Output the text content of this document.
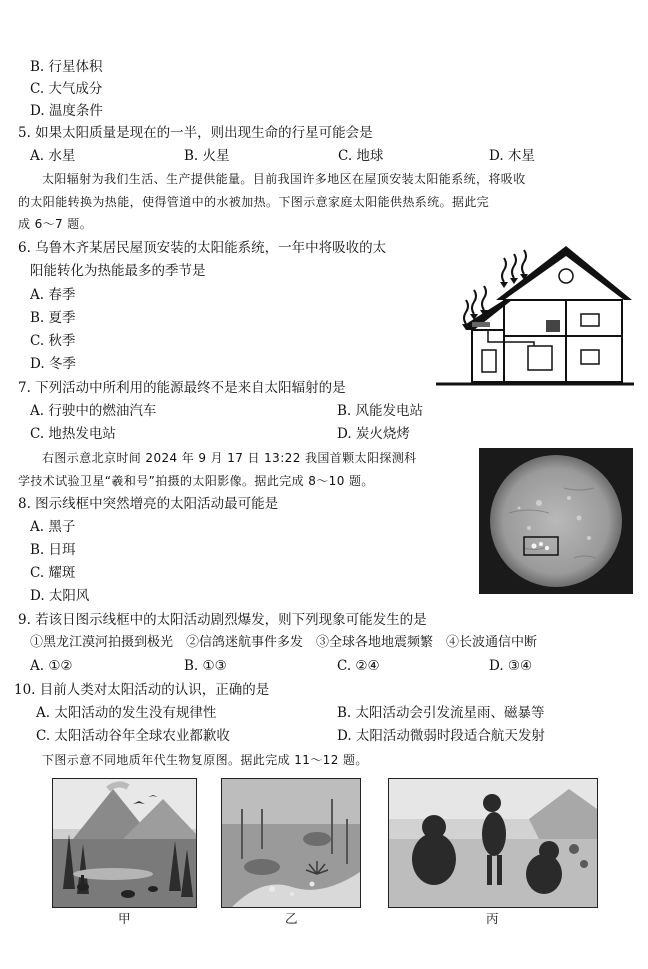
B. 行星体积
C. 大气成分
D. 温度条件
5. 如果太阳质量是现在的一半，则出现生命的行星可能会是
A. 水星	B. 火星	C. 地球	D. 木星
太阳辐射为我们生活、生产提供能量。目前我国许多地区在屋顶安装太阳能系统，将吸收
的太阳能转换为热能，使得管道中的水被加热。下图示意家庭太阳能供热系统。据此完
成 6～7 题。
6. 乌鲁木齐某居民屋顶安装的太阳能系统，一年中将吸收的太
阳能转化为热能最多的季节是
A. 春季
B. 夏季
C. 秋季
D. 冬季
7. 下列活动中所利用的能源最终不是来自太阳辐射的是
A. 行驶中的燃油汽车	B. 风能发电站
C. 地热发电站	D. 炭火烧烤
右图示意北京时间 2024 年 9 月 17 日 13:22 我国首颗太阳探测科
学技术试验卫星“羲和号”拍摄的太阳影像。据此完成 8～10 题。
8. 图示线框中突然增亮的太阳活动最可能是
A. 黑子
B. 日珥
C. 耀斑
D. 太阳风
9. 若该日图示线框中的太阳活动剧烈爆发，则下列现象可能发生的是
①黑龙江漠河拍摄到极光　②信鸽迷航事件多发　③全球各地地震频繁　④长波通信中断
A. ①②	B. ①③	C. ②④	D. ③④
10. 目前人类对太阳活动的认识，正确的是
A. 太阳活动的发生没有规律性	B. 太阳活动会引发流星雨、磁暴等
C. 太阳活动谷年全球农业都歉收	D. 太阳活动微弱时段适合航天发射
下图示意不同地质年代生物复原图。据此完成 11～12 题。
甲	乙	丙
